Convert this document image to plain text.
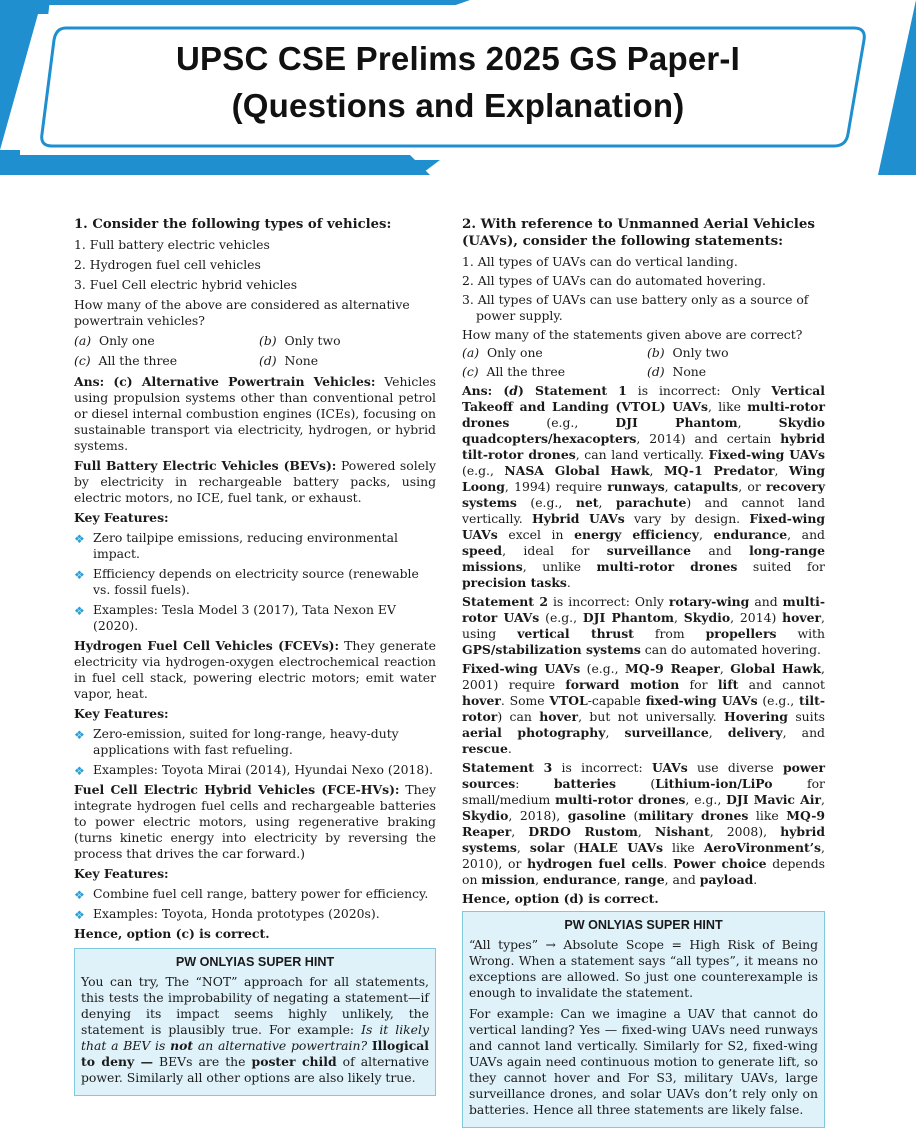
UPSC CSE Prelims 2025 GS Paper-I
(Questions and Explanation)
1. Consider the following types of vehicles:
1. Full battery electric vehicles
2. Hydrogen fuel cell vehicles
3. Fuel Cell electric hybrid vehicles
How many of the above are considered as alternative powertrain vehicles?
(a) Only one	(b) Only two
(c) All the three	(d) None
Ans: (c) Alternative Powertrain Vehicles: Vehicles using propulsion systems other than conventional petrol or diesel internal combustion engines (ICEs), focusing on sustainable transport via electricity, hydrogen, or hybrid systems.
Full Battery Electric Vehicles (BEVs): Powered solely by electricity in rechargeable battery packs, using electric motors, no ICE, fuel tank, or exhaust.
Key Features:
❖ Zero tailpipe emissions, reducing environmental impact.
❖ Efficiency depends on electricity source (renewable vs. fossil fuels).
❖ Examples: Tesla Model 3 (2017), Tata Nexon EV (2020).
Hydrogen Fuel Cell Vehicles (FCEVs): They generate electricity via hydrogen-oxygen electrochemical reaction in fuel cell stack, powering electric motors; emit water vapor, heat.
Key Features:
❖ Zero-emission, suited for long-range, heavy-duty applications with fast refueling.
❖ Examples: Toyota Mirai (2014), Hyundai Nexo (2018).
Fuel Cell Electric Hybrid Vehicles (FCE-HVs): They integrate hydrogen fuel cells and rechargeable batteries to power electric motors, using regenerative braking (turns kinetic energy into electricity by reversing the process that drives the car forward.)
Key Features:
❖ Combine fuel cell range, battery power for efficiency.
❖ Examples: Toyota, Honda prototypes (2020s).
Hence, option (c) is correct.
PW ONLYIAS SUPER HINT

You can try, The “NOT” approach for all statements, this tests the improbability of negating a statement—if denying its impact seems highly unlikely, the statement is plausibly true. For example: Is it likely that a BEV is not an alternative powertrain? Illogical to deny — BEVs are the poster child of alternative power. Similarly all other options are also likely true.

2. With reference to Unmanned Aerial Vehicles (UAVs), consider the following statements:
1. All types of UAVs can do vertical landing.
2. All types of UAVs can do automated hovering.
3. All types of UAVs can use battery only as a source of power supply.
How many of the statements given above are correct?
(a) Only one	(b) Only two
(c) All the three	(d) None
Ans: (d) Statement 1 is incorrect: Only Vertical Takeoff and Landing (VTOL) UAVs, like multi-rotor drones (e.g., DJI Phantom, Skydio quadcopters/hexacopters, 2014) and certain hybrid tilt-rotor drones, can land vertically. Fixed-wing UAVs (e.g., NASA Global Hawk, MQ-1 Predator, Wing Loong, 1994) require runways, catapults, or recovery systems (e.g., net, parachute) and cannot land vertically. Hybrid UAVs vary by design. Fixed-wing UAVs excel in energy efficiency, endurance, and speed, ideal for surveillance and long-range missions, unlike multi-rotor drones suited for precision tasks.
Statement 2 is incorrect: Only rotary-wing and multi-rotor UAVs (e.g., DJI Phantom, Skydio, 2014) hover, using vertical thrust from propellers with GPS/stabilization systems can do automated hovering.
Fixed-wing UAVs (e.g., MQ-9 Reaper, Global Hawk, 2001) require forward motion for lift and cannot hover. Some VTOL-capable fixed-wing UAVs (e.g., tilt-rotor) can hover, but not universally. Hovering suits aerial photography, surveillance, delivery, and rescue.
Statement 3 is incorrect: UAVs use diverse power sources: batteries (Lithium-ion/LiPo for small/medium multi-rotor drones, e.g., DJI Mavic Air, Skydio, 2018), gasoline (military drones like MQ-9 Reaper, DRDO Rustom, Nishant, 2008), hybrid systems, solar (HALE UAVs like AeroVironment’s, 2010), or hydrogen fuel cells. Power choice depends on mission, endurance, range, and payload.
Hence, option (d) is correct.
PW ONLYIAS SUPER HINT

“All types” → Absolute Scope = High Risk of Being Wrong. When a statement says “all types”, it means no exceptions are allowed. So just one counterexample is enough to invalidate the statement.

For example: Can we imagine a UAV that cannot do vertical landing? Yes — fixed-wing UAVs need runways and cannot land vertically. Similarly for S2, fixed-wing UAVs again need continuous motion to generate lift, so they cannot hover and For S3, military UAVs, large surveillance drones, and solar UAVs don’t rely only on batteries. Hence all three statements are likely false.
